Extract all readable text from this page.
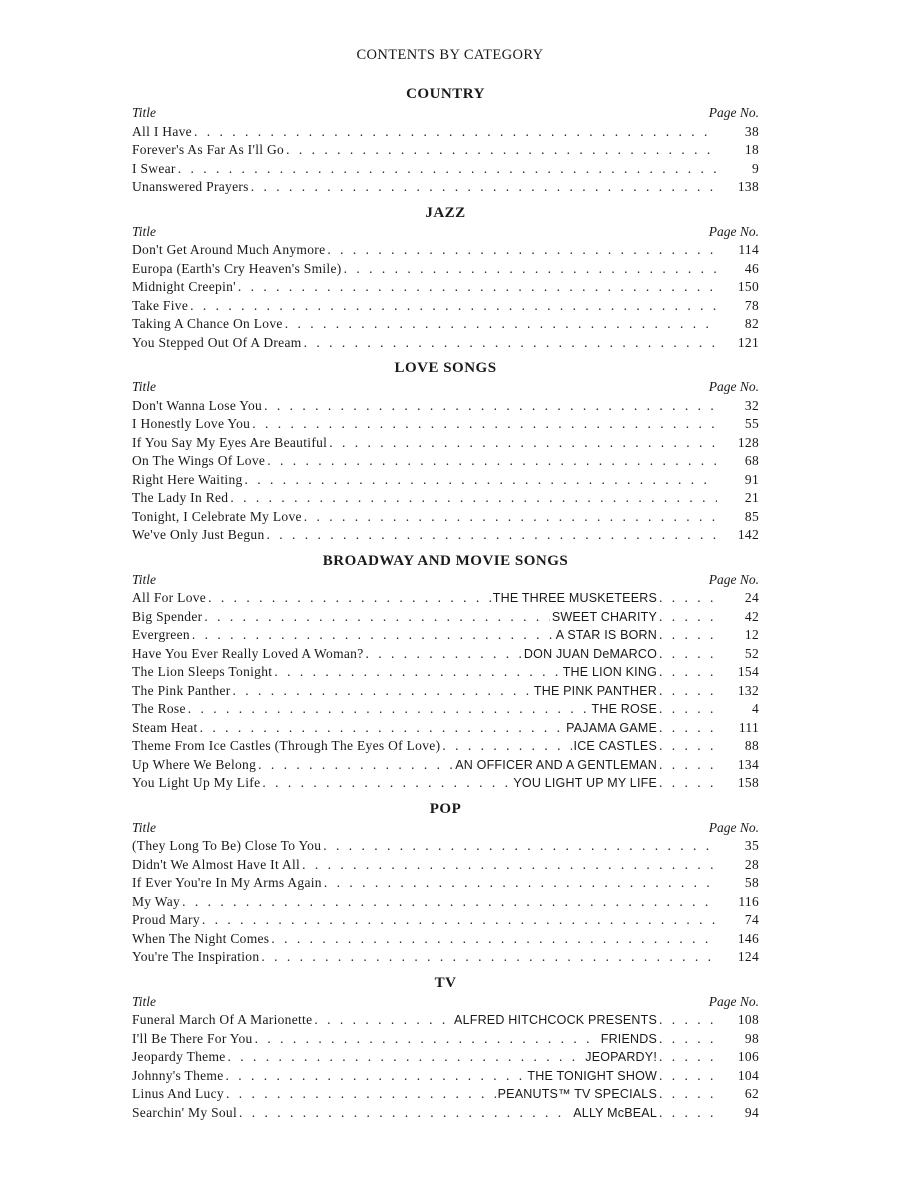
CONTENTS BY CATEGORY
COUNTRY
Title	Page No.
All I Have . . .	38
Forever's As Far As I'll Go . . .	18
I Swear . . .	9
Unanswered Prayers . . .	138
JAZZ
Title	Page No.
Don't Get Around Much Anymore . . .	114
Europa (Earth's Cry Heaven's Smile) . . .	46
Midnight Creepin' . . .	150
Take Five . . .	78
Taking A Chance On Love . . .	82
You Stepped Out Of A Dream . . .	121
LOVE SONGS
Title	Page No.
Don't Wanna Lose You . . .	32
I Honestly Love You . . .	55
If You Say My Eyes Are Beautiful . . .	128
On The Wings Of Love . . .	68
Right Here Waiting . . .	91
The Lady In Red . . .	21
Tonight, I Celebrate My Love . . .	85
We've Only Just Begun . . .	142
BROADWAY AND MOVIE SONGS
Title	Page No.
All For Love . . .	THE THREE MUSKETEERS . . .	24
Big Spender . . .	SWEET CHARITY . . .	42
Evergreen . . .	A STAR IS BORN . . .	12
Have You Ever Really Loved A Woman? . . .	DON JUAN DeMARCO . . .	52
The Lion Sleeps Tonight . . .	THE LION KING . . .	154
The Pink Panther . . .	THE PINK PANTHER . . .	132
The Rose . . .	THE ROSE . . .	4
Steam Heat . . .	PAJAMA GAME . . .	111
Theme From Ice Castles (Through The Eyes Of Love) . . .	ICE CASTLES . . .	88
Up Where We Belong . . .	AN OFFICER AND A GENTLEMAN . . .	134
You Light Up My Life . . .	YOU LIGHT UP MY LIFE . . .	158
POP
Title	Page No.
(They Long To Be) Close To You . . .	35
Didn't We Almost Have It All . . .	28
If Ever You're In My Arms Again . . .	58
My Way . . .	116
Proud Mary . . .	74
When The Night Comes . . .	146
You're The Inspiration . . .	124
TV
Title	Page No.
Funeral March Of A Marionette . . .	ALFRED HITCHCOCK PRESENTS . . .	108
I'll Be There For You . . .	FRIENDS . . .	98
Jeopardy Theme . . .	JEOPARDY! . . .	106
Johnny's Theme . . .	THE TONIGHT SHOW . . .	104
Linus And Lucy . . .	PEANUTS™ TV SPECIALS . . .	62
Searchin' My Soul . . .	ALLY McBEAL . . .	94
